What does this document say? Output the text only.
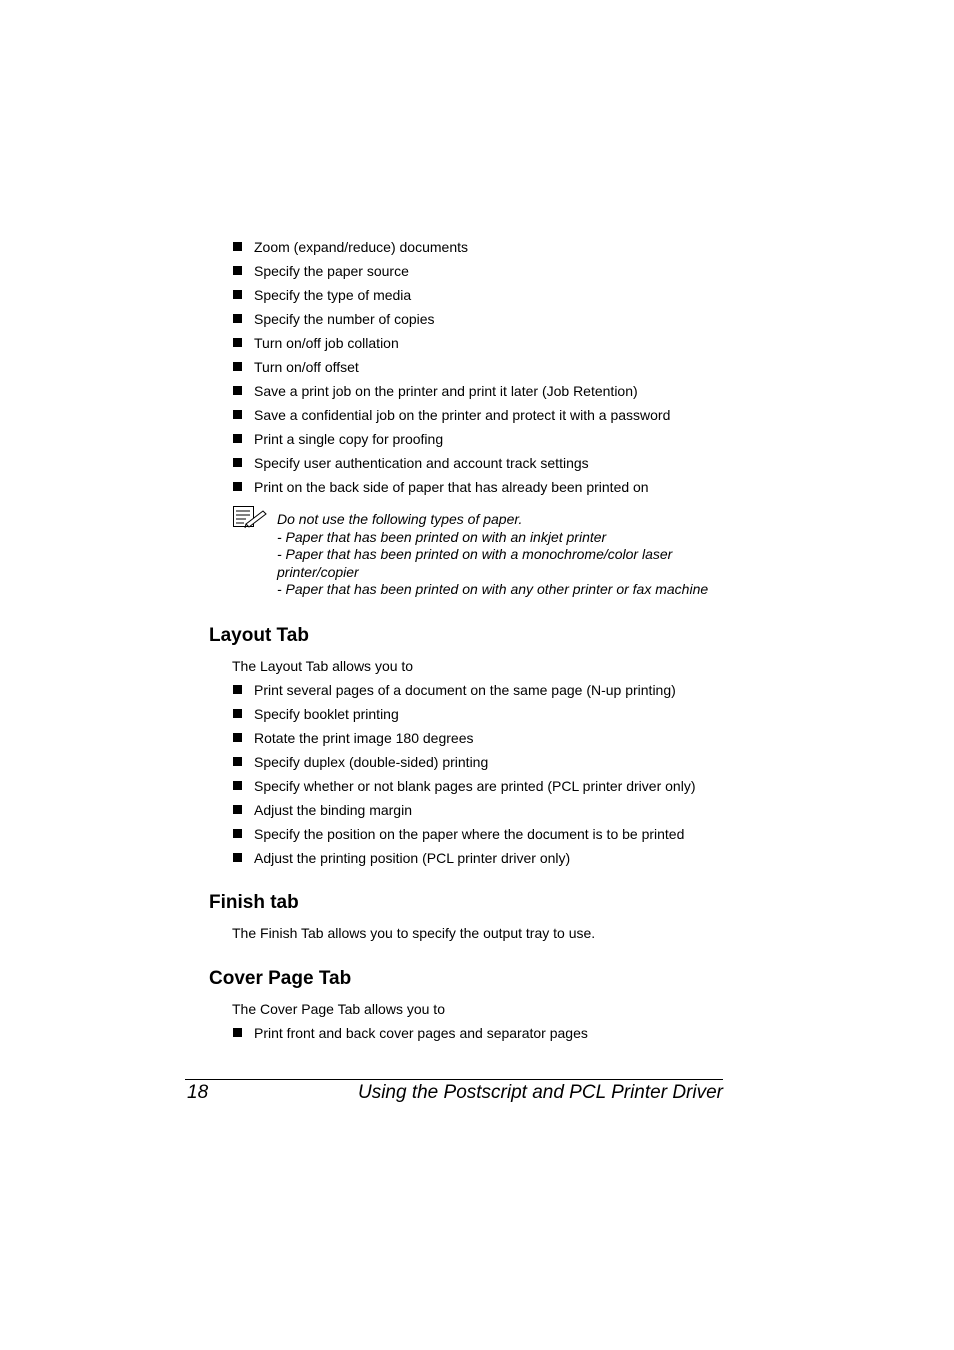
Zoom (expand/reduce) documents
Specify the paper source
Specify the type of media
Specify the number of copies
Turn on/off job collation
Turn on/off offset
Save a print job on the printer and print it later (Job Retention)
Save a confidential job on the printer and protect it with a password
Print a single copy for proofing
Specify user authentication and account track settings
Print on the back side of paper that has already been printed on
Do not use the following types of paper.
- Paper that has been printed on with an inkjet printer
- Paper that has been printed on with a monochrome/color laser
printer/copier
- Paper that has been printed on with any other printer or fax machine
Layout Tab

The Layout Tab allows you to

Print several pages of a document on the same page (N-up printing)
Specify booklet printing
Rotate the print image 180 degrees
Specify duplex (double-sided) printing
Specify whether or not blank pages are printed (PCL printer driver only)
Adjust the binding margin
Specify the position on the paper where the document is to be printed
Adjust the printing position (PCL printer driver only)
Finish tab

The Finish Tab allows you to specify the output tray to use.

Cover Page Tab

The Cover Page Tab allows you to

Print front and back cover pages and separator pages
18	Using the Postscript and PCL Printer Driver
